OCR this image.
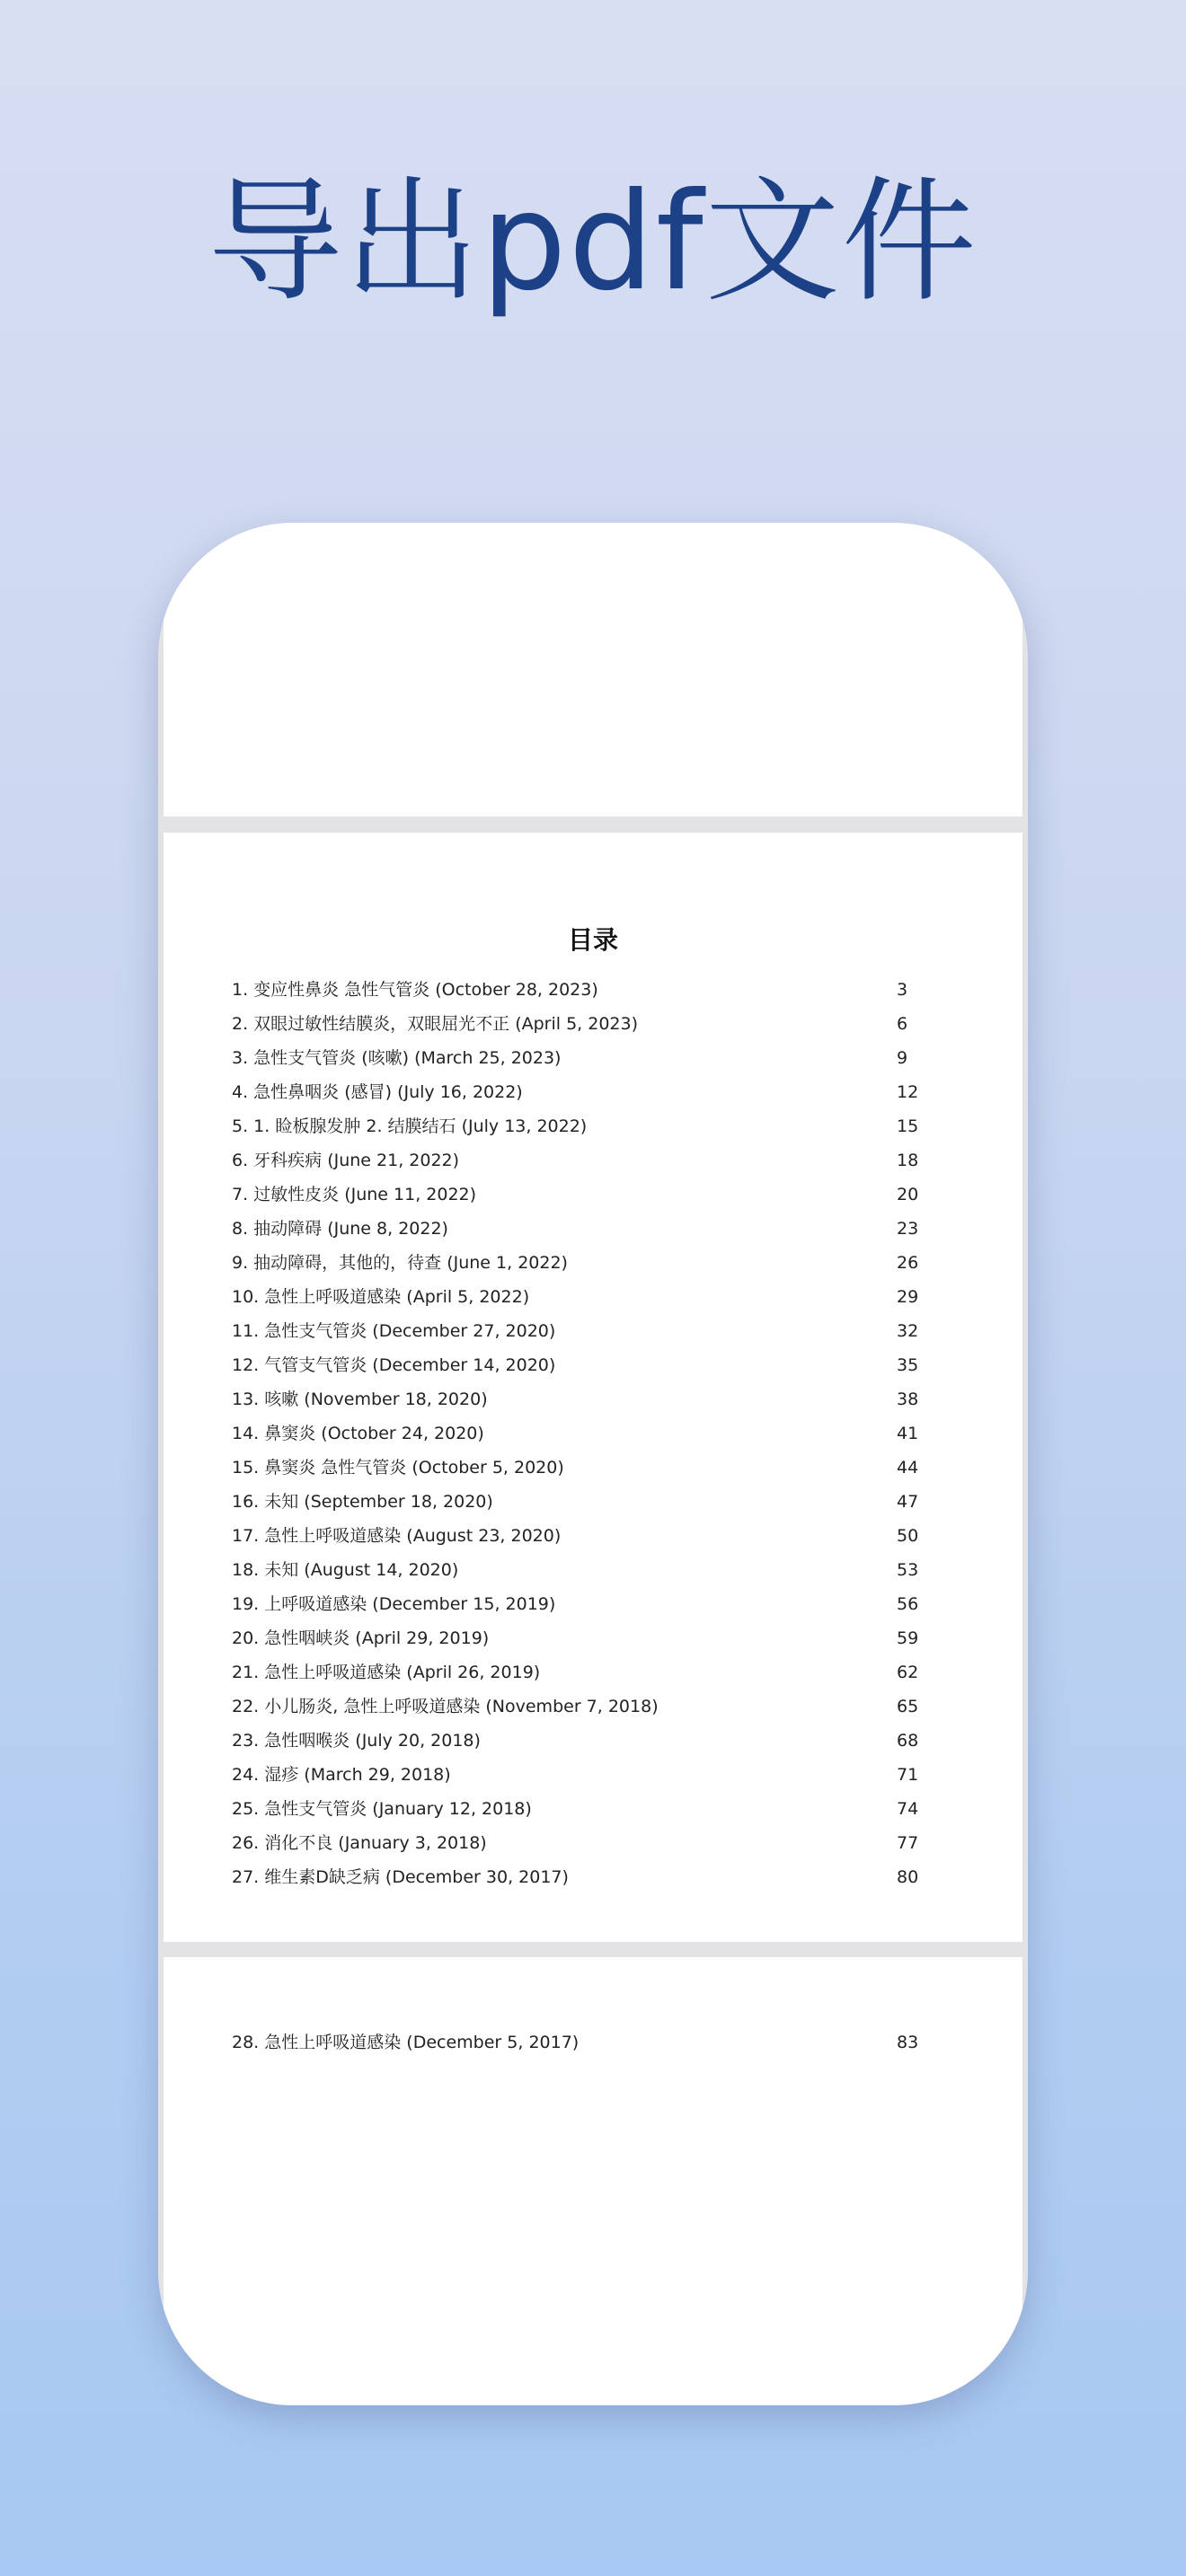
导出pdf文件
目录
1. 变应性鼻炎 急性气管炎 (October 28, 2023)	3
2. 双眼过敏性结膜炎，双眼屈光不正 (April 5, 2023)	6
3. 急性支气管炎 (咳嗽) (March 25, 2023)	9
4. 急性鼻咽炎 (感冒) (July 16, 2022)	12
5. 1. 睑板腺发肿 2. 结膜结石 (July 13, 2022)	15
6. 牙科疾病 (June 21, 2022)	18
7. 过敏性皮炎 (June 11, 2022)	20
8. 抽动障碍 (June 8, 2022)	23
9. 抽动障碍，其他的，待查 (June 1, 2022)	26
10. 急性上呼吸道感染 (April 5, 2022)	29
11. 急性支气管炎 (December 27, 2020)	32
12. 气管支气管炎 (December 14, 2020)	35
13. 咳嗽 (November 18, 2020)	38
14. 鼻窦炎 (October 24, 2020)	41
15. 鼻窦炎 急性气管炎 (October 5, 2020)	44
16. 未知 (September 18, 2020)	47
17. 急性上呼吸道感染 (August 23, 2020)	50
18. 未知 (August 14, 2020)	53
19. 上呼吸道感染 (December 15, 2019)	56
20. 急性咽峡炎 (April 29, 2019)	59
21. 急性上呼吸道感染 (April 26, 2019)	62
22. 小儿肠炎, 急性上呼吸道感染 (November 7, 2018)	65
23. 急性咽喉炎 (July 20, 2018)	68
24. 湿疹 (March 29, 2018)	71
25. 急性支气管炎 (January 12, 2018)	74
26. 消化不良 (January 3, 2018)	77
27. 维生素D缺乏病 (December 30, 2017)	80
28. 急性上呼吸道感染 (December 5, 2017)	83
